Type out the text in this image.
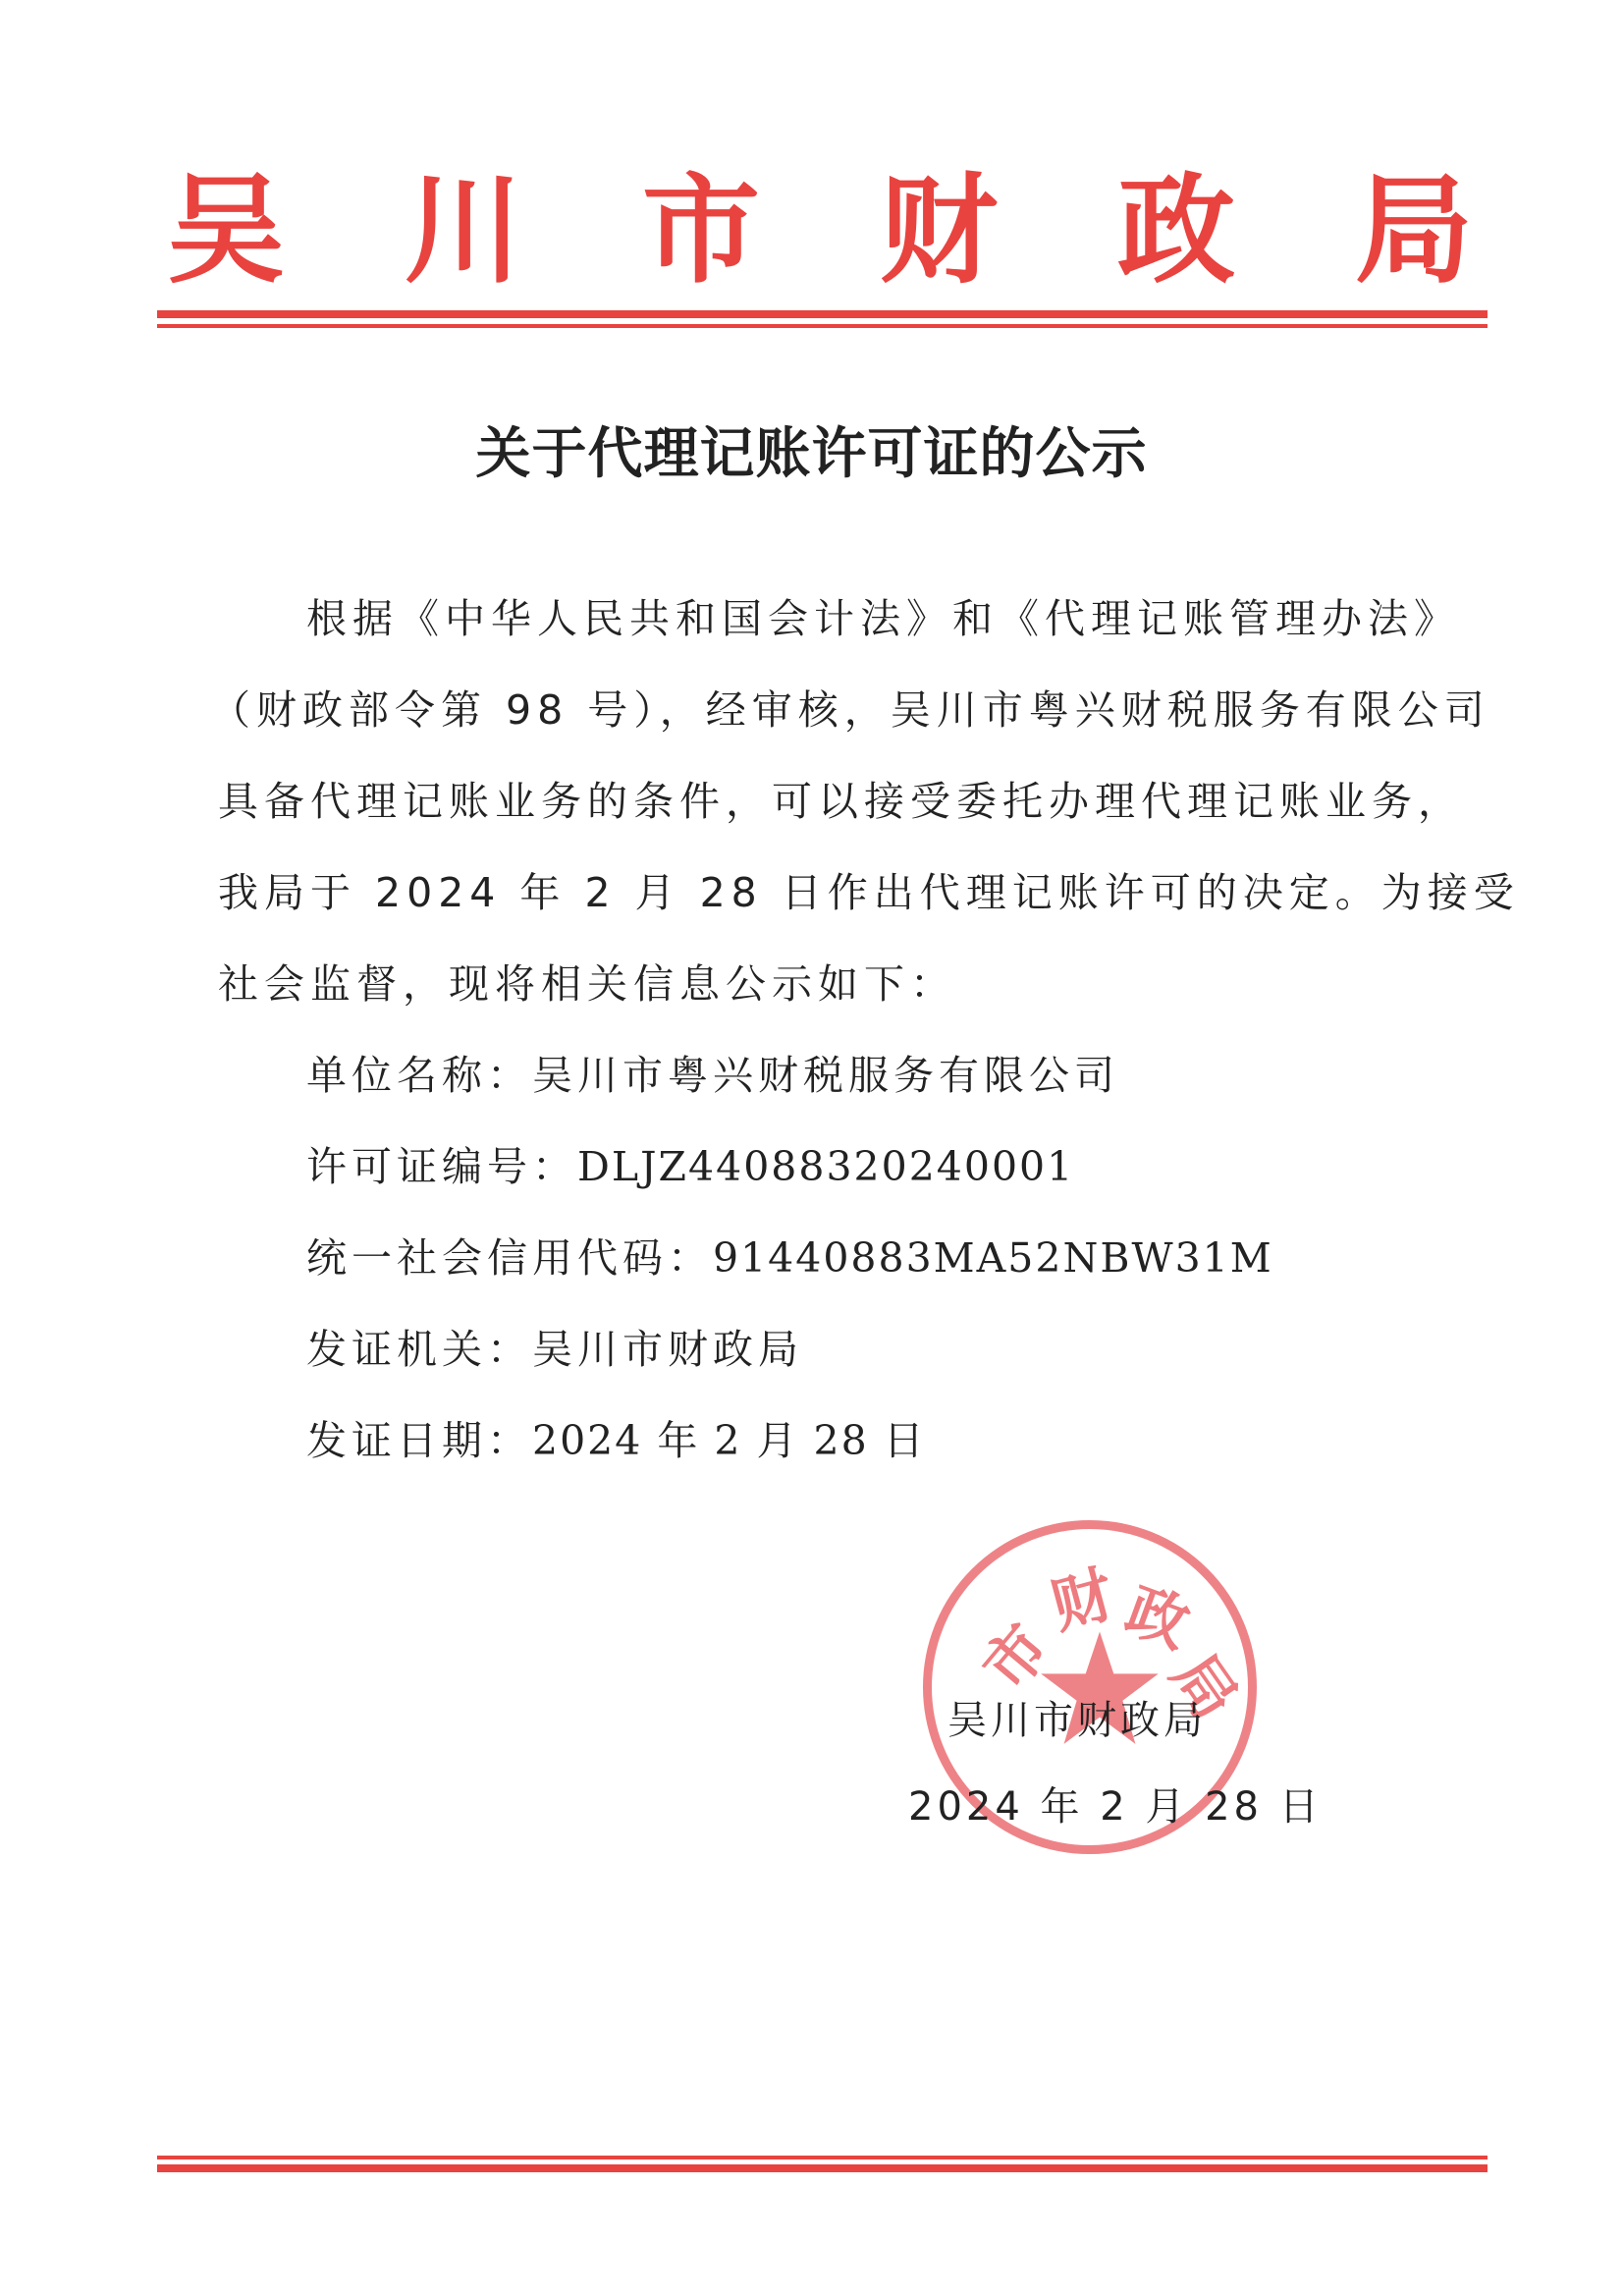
吴 川 市 财 政 局
关于代理记账许可证的公示
根据《中华人民共和国会计法》和《代理记账管理办法》
（财政部令第 98 号），经审核，吴川市粤兴财税服务有限公司
具备代理记账业务的条件，可以接受委托办理代理记账业务，
我局于 2024 年 2 月 28 日作出代理记账许可的决定。为接受
社会监督，现将相关信息公示如下：
单位名称：吴川市粤兴财税服务有限公司
许可证编号：DLJZ44088320240001
统一社会信用代码：91440883MA52NBW31M
发证机关：吴川市财政局
发证日期：2024 年 2 月 28 日
市
财
政
局
吴川市财政局
2024 年 2 月 28 日
